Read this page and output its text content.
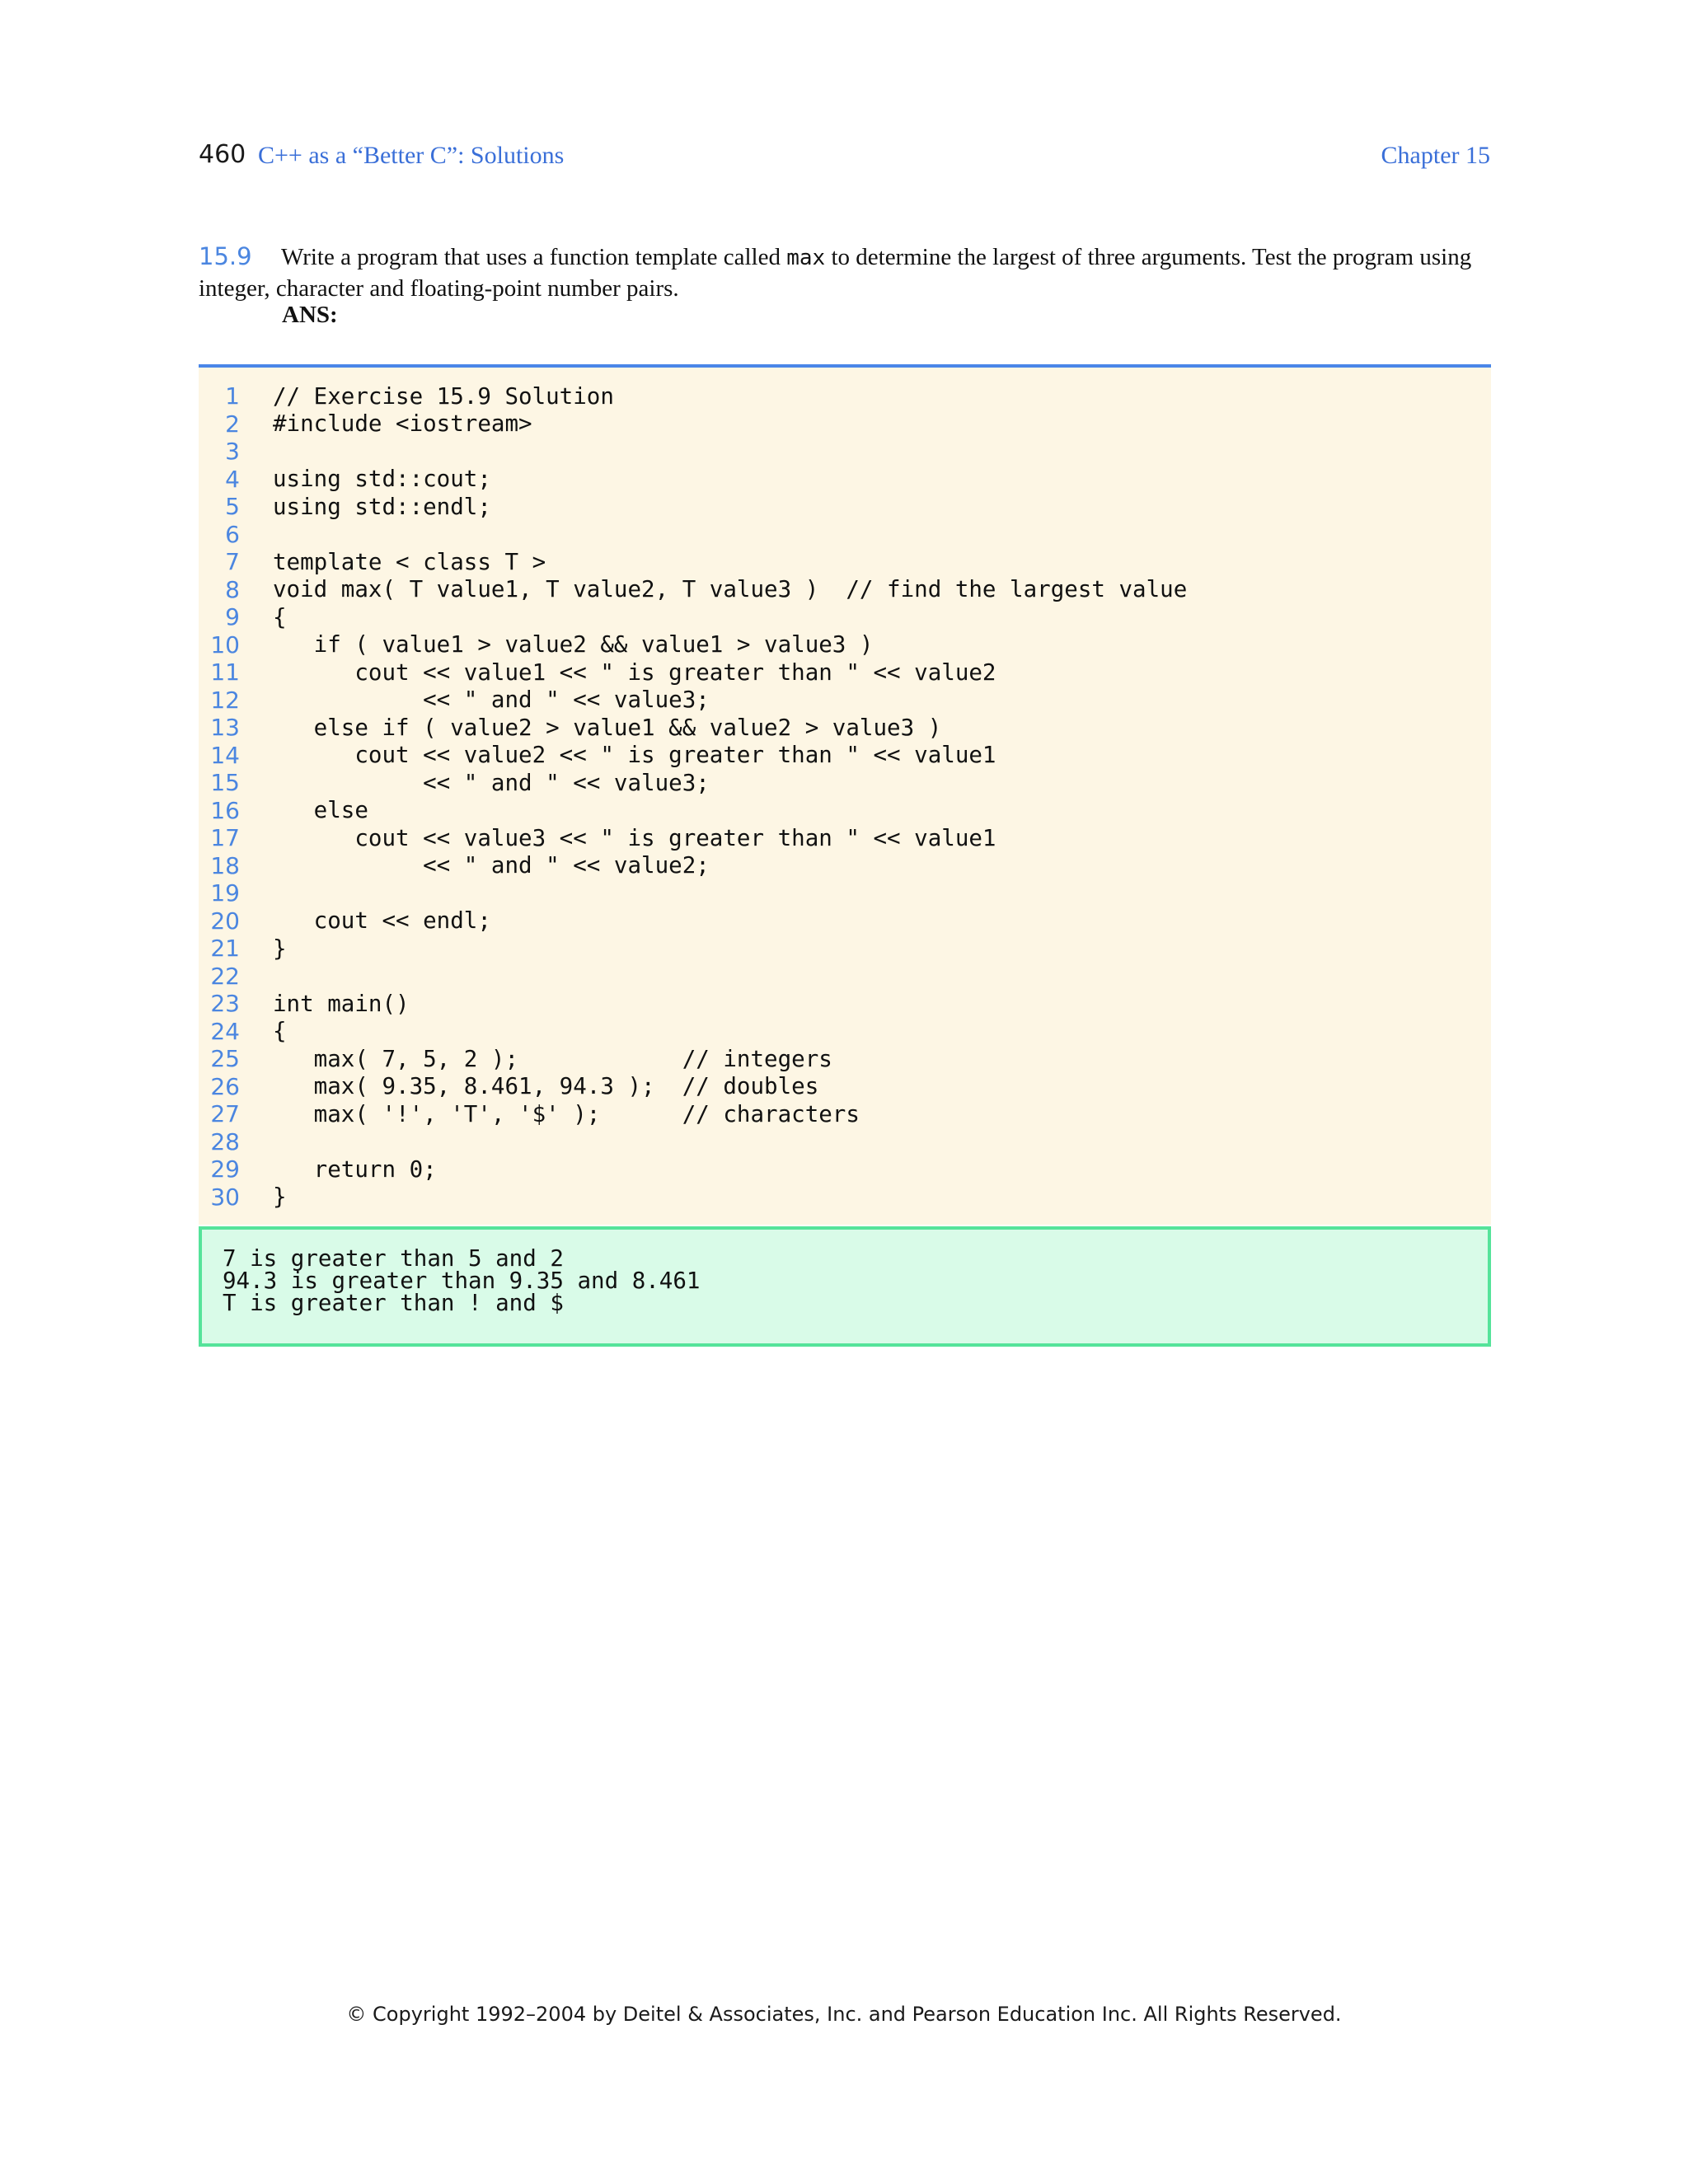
460 C++ as a “Better C”: Solutions	Chapter 15
15.9 Write a program that uses a function template called max to determine the largest of three arguments. Test the program using integer, character and floating-point number pairs.
ANS:
1 // Exercise 15.9 Solution
2 #include <iostream>
3
4 using std::cout;
5 using std::endl;
6
7 template < class T >
8 void max( T value1, T value2, T value3 )  // find the largest value
9 {
10 if ( value1 > value2 && value1 > value3 )
11 cout << value1 << " is greater than " << value2
12 << " and " << value3;
13 else if ( value2 > value1 && value2 > value3 )
14 cout << value2 << " is greater than " << value1
15 << " and " << value3;
16 else
17 cout << value3 << " is greater than " << value1
18 << " and " << value2;
19
20 cout << endl;
21 }
22
23 int main()
24 {
25 max( 7, 5, 2 );            // integers
26 max( 9.35, 8.461, 94.3 );  // doubles
27 max( '!', 'T', '$' );      // characters
28
29 return 0;
30 }
7 is greater than 5 and 2
94.3 is greater than 9.35 and 8.461
T is greater than ! and $
© Copyright 1992–2004 by Deitel & Associates, Inc. and Pearson Education Inc. All Rights Reserved.
